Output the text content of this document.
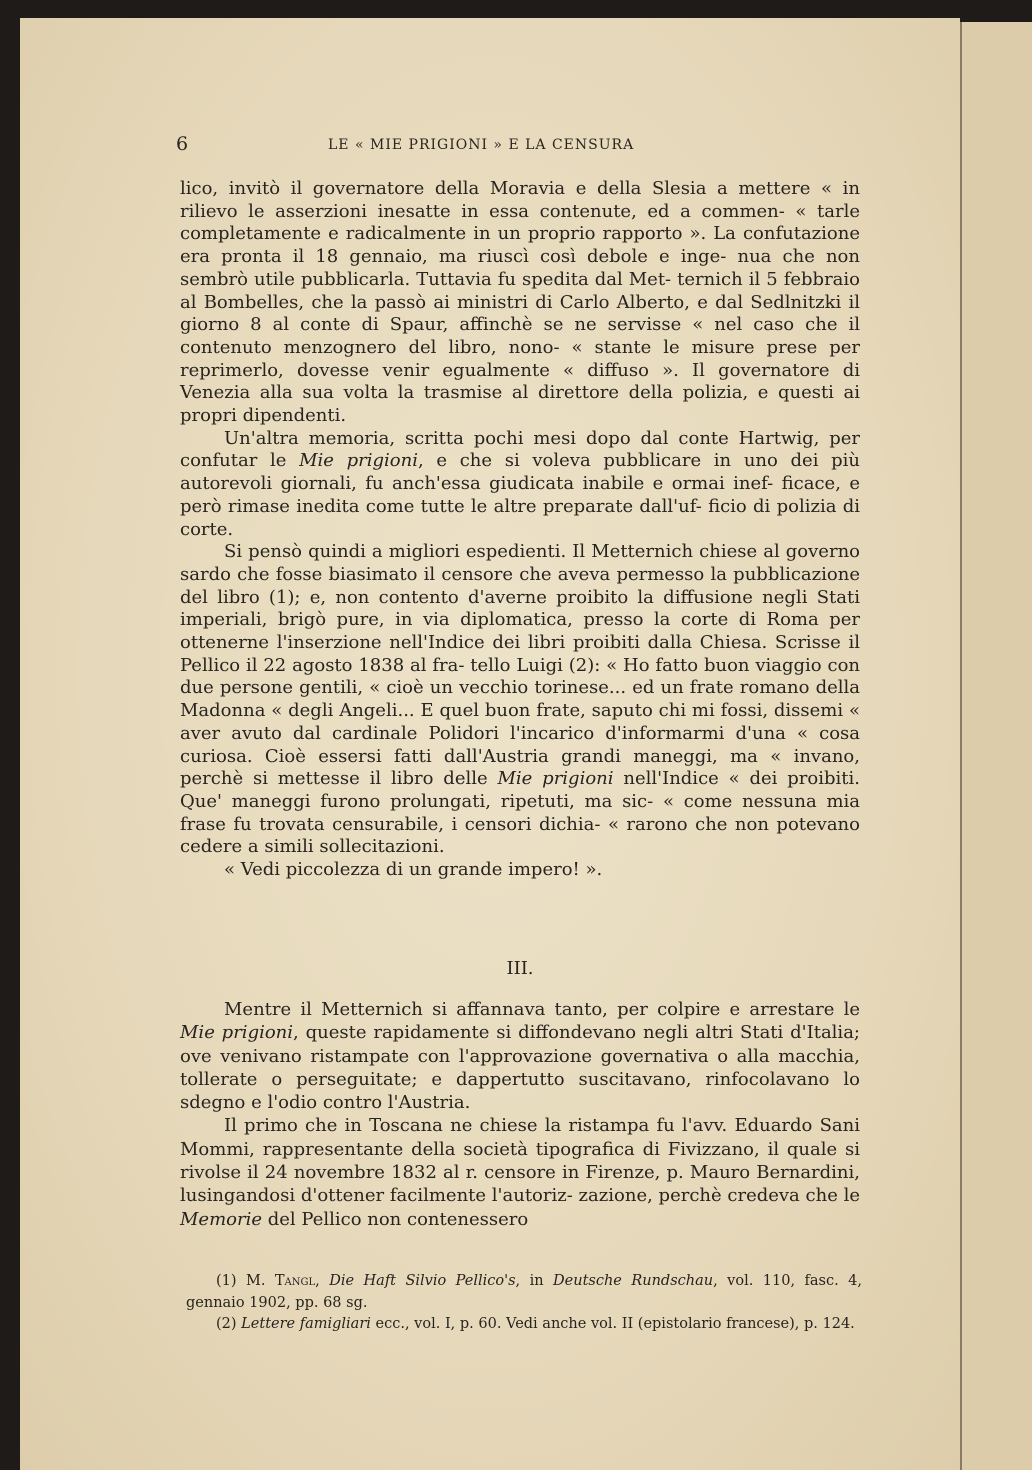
6	LE « MIE PRIGIONI » E LA CENSURA

lico, invitò il governatore della Moravia e della Slesia a mettere « in rilievo le asserzioni inesatte in essa contenute, ed a commen- « tarle completamente e radicalmente in un proprio rapporto ». La confutazione era pronta il 18 gennaio, ma riuscì così debole e inge- nua che non sembrò utile pubblicarla. Tuttavia fu spedita dal Met- ternich il 5 febbraio al Bombelles, che la passò ai ministri di Carlo Alberto, e dal Sedlnitzki il giorno 8 al conte di Spaur, affinchè se ne servisse « nel caso che il contenuto menzognero del libro, nono- « stante le misure prese per reprimerlo, dovesse venir egualmente « diffuso ». Il governatore di Venezia alla sua volta la trasmise al direttore della polizia, e questi ai propri dipendenti.

Un'altra memoria, scritta pochi mesi dopo dal conte Hartwig, per confutar le Mie prigioni, e che si voleva pubblicare in uno dei più autorevoli giornali, fu anch'essa giudicata inabile e ormai inef- ficace, e però rimase inedita come tutte le altre preparate dall'uf- ficio di polizia di corte.

Si pensò quindi a migliori espedienti. Il Metternich chiese al governo sardo che fosse biasimato il censore che aveva permesso la pubblicazione del libro (1); e, non contento d'averne proibito la diffusione negli Stati imperiali, brigò pure, in via diplomatica, presso la corte di Roma per ottenerne l'inserzione nell'Indice dei libri proibiti dalla Chiesa. Scrisse il Pellico il 22 agosto 1838 al fra- tello Luigi (2): « Ho fatto buon viaggio con due persone gentili, « cioè un vecchio torinese... ed un frate romano della Madonna « degli Angeli... E quel buon frate, saputo chi mi fossi, dissemi « aver avuto dal cardinale Polidori l'incarico d'informarmi d'una « cosa curiosa. Cioè essersi fatti dall'Austria grandi maneggi, ma « invano, perchè si mettesse il libro delle Mie prigioni nell'Indice « dei proibiti. Que' maneggi furono prolungati, ripetuti, ma sic- « come nessuna mia frase fu trovata censurabile, i censori dichia- « rarono che non potevano cedere a simili sollecitazioni.

« Vedi piccolezza di un grande impero! ».

III.

Mentre il Metternich si affannava tanto, per colpire e arrestare le Mie prigioni, queste rapidamente si diffondevano negli altri Stati d'Italia; ove venivano ristampate con l'approvazione governativa o alla macchia, tollerate o perseguitate; e dappertutto suscitavano, rinfocolavano lo sdegno e l'odio contro l'Austria.

Il primo che in Toscana ne chiese la ristampa fu l'avv. Eduardo Sani Mommi, rappresentante della società tipografica di Fivizzano, il quale si rivolse il 24 novembre 1832 al r. censore in Firenze, p. Mauro Bernardini, lusingandosi d'ottener facilmente l'autoriz- zazione, perchè credeva che le Memorie del Pellico non contenessero

(1) M. Tangl, Die Haft Silvio Pellico's, in Deutsche Rundschau, vol. 110, fasc. 4, gennaio 1902, pp. 68 sg.

(2) Lettere famigliari ecc., vol. I, p. 60. Vedi anche vol. II (epistolario francese), p. 124.
